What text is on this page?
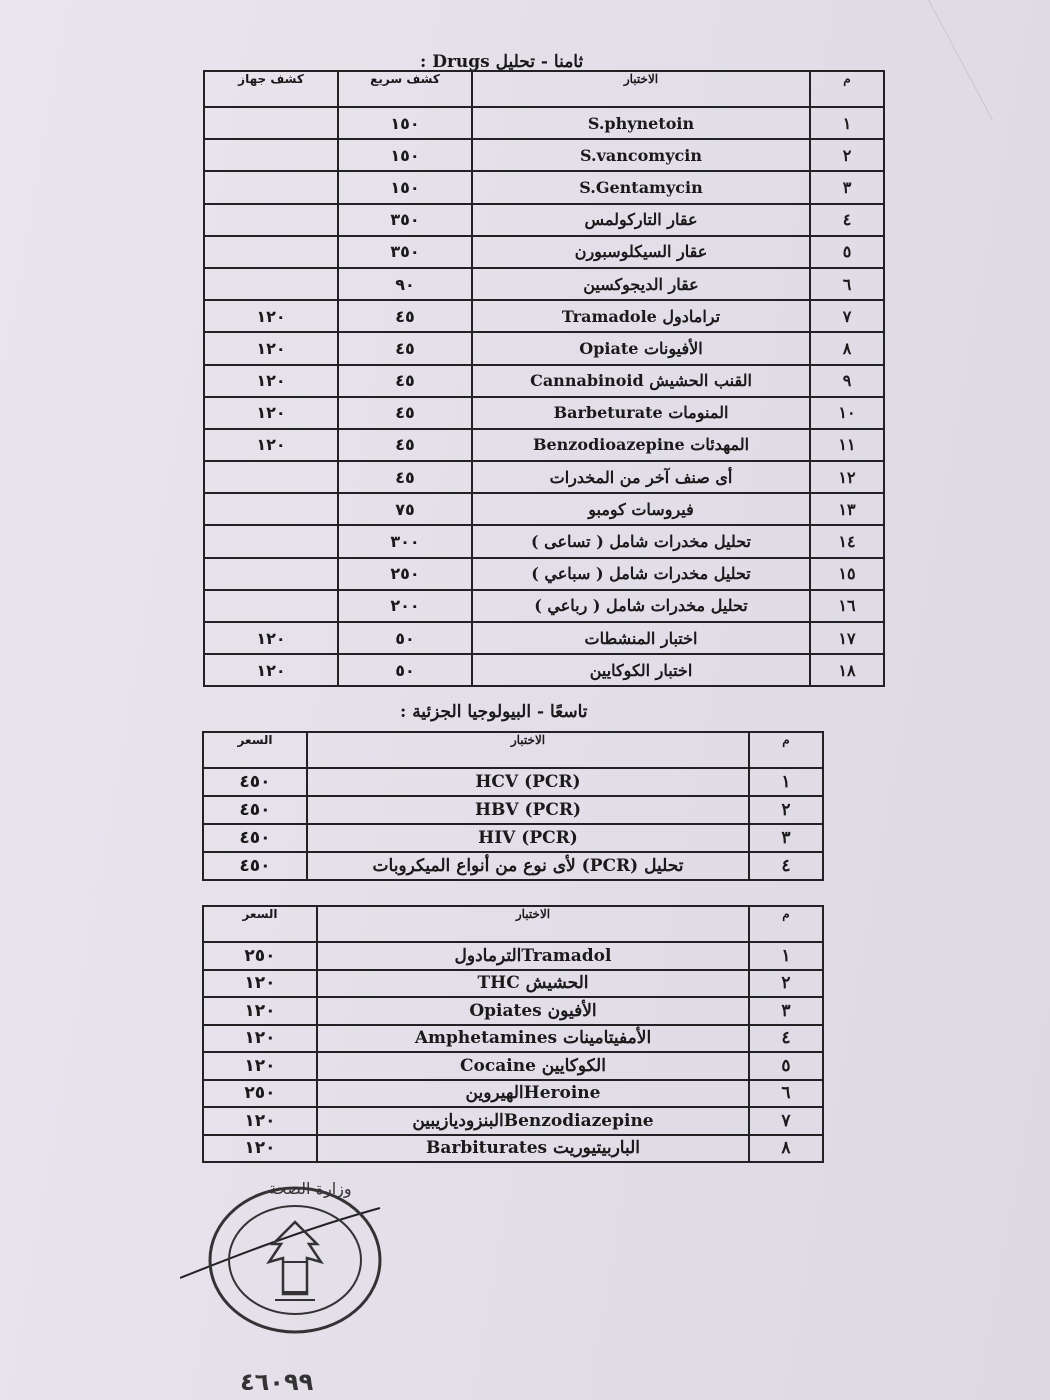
ثامنا - تحليل Drugs :
م	الاختبار	كشف سريع	كشف جهاز
١	S.phynetoin	١٥٠	
٢	S.vancomycin	١٥٠	
٣	S.Gentamycin	١٥٠	
٤	عقار التاركولمس	٣٥٠	
٥	عقار السيكلوسبورن	٣٥٠	
٦	عقار الديجوكسين	٩٠	
٧	ترامادول Tramadole	٤٥	١٢٠
٨	الأفيونات Opiate	٤٥	١٢٠
٩	القنب الحشيش Cannabinoid	٤٥	١٢٠
١٠	المنومات Barbeturate	٤٥	١٢٠
١١	المهدئات Benzodioazepine	٤٥	١٢٠
١٢	أى صنف آخر من المخدرات	٤٥	
١٣	فيروسات كومبو	٧٥	
١٤	تحليل مخدرات شامل ( تساعى )	٣٠٠	
١٥	تحليل مخدرات شامل ( سباعي )	٢٥٠	
١٦	تحليل مخدرات شامل ( رباعي )	٢٠٠	
١٧	اختبار المنشطات	٥٠	١٢٠
١٨	اختبار الكوكايين	٥٠	١٢٠
تاسعًا - البيولوجيا الجزئية :
م	الاختبار	السعر
١	HCV (PCR)	٤٥٠
٢	HBV (PCR)	٤٥٠
٣	HIV (PCR)	٤٥٠
٤	تحليل (PCR) لأى نوع من أنواع الميكروبات	٤٥٠
م	الاختبار	السعر
١	Tramadolالترمادول	٢٥٠
٢	الحشيش THC	١٢٠
٣	الأفيون Opiates	١٢٠
٤	الأمفيتامينات Amphetamines	١٢٠
٥	الكوكايين Cocaine	١٢٠
٦	Heroineالهيروين	٢٥٠
٧	Benzodiazepineالبنزوديازيبين	١٢٠
٨	الباربيتيوريت Barbiturates	١٢٠
وزارة الصحة
٤٦٠٩٩
